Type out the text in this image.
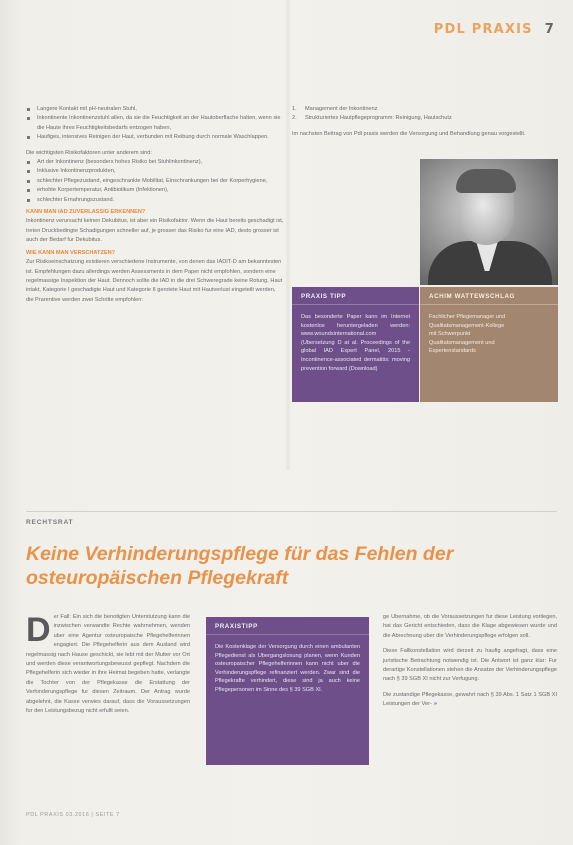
PDL PRAXIS 7
Langere Kontakt mit pH-neutralen Stuhl,
Inkontinente Inkontinenzstuhl allen, da sie die Feuchtigkeit an der Hautoberflache halten, wenn sie die Haute ihres Feuchtigkeitsbedarfs entzogen haben,
Haufiges, intensives Reinigen der Haut, verbunden mit Reibung durch normale Waschlappen.

Die wichtigsten Risikofaktoren unter anderem sind:

Art der Inkontinenz (besonders hohes Risiko bei Stuhlinkontinenz),
Inklusive Inkontinenzprodukten,
schlechter Pflegezustand, eingeschrankte Mobilitat, Einschrankungen bei der Korperhygiene,
erhohte Korpertemperatur, Antibiotikum (Infektionen),
schlechter Ernahrungszustand.
KANN MAN IAD ZUVERLASSIG ERKENNEN?

Inkontinenz verursacht keinen Dekubitus, ist aber ein Risikofaktor. Wenn die Haut bereits geschadigt ist, treten Druckbedingte Schadigungen schneller auf, je grosser das Risiko fur eine IAD, desto grosser ist auch der Bedarf fur Dekubitus.

WIE KANN MAN VERSCHATZEN?

Zur Risikoeinschatzung existieren verschiedene Instrumente, von denen das IADIT-D am bekanntesten ist. Empfehlungen dazu allerdings werden Assessments in dem Paper nicht empfohlen, sondern eine regelmassige Inspektion der Haut. Dennoch sollte die IAD in die drei Schweregrade keine Rotung, Haut intakt, Kategorie I geschadigte Haut und Kategorie II gerotete Haut mit Hautverlust eingeteilt werden, die Prarentive werden zwei Schritte empfohlen:

1. Management der Inkontinenz
2. Strukturiertes Hautpflegeprogramm: Reinigung, Hautschutz

Im nachsten Beitrag von Pdl praxis werden die Versorgung und Behandlung genau vorgestellt.

PRAXIS TIPP
Das besonderte Paper kann im Internet kostenlos heruntergeladen werden: www.woundsinternational.com (Ubersetzung D at al. Proceedings of the global IAD Expert Panel, 2015 - Incontinence-associated dermatitis: moving prevention forward (Download)
ACHIM WATTEWSCHLAG
Fachlicher Pflegemanager und
Qualitatsmanagement-Kollege
mit Schwerpunkt
Qualitatsmanagement und
Expertenstandards
RECHTSRAT
Keine Verhinderungspflege für das Fehlen der osteuropäischen Pflegekraft
D er Fall: Ein sich die benotigten Unterstutzung kann die inzwischen verwandte Rechte wahrnehmen, wenden uber eine Agentur osteuropaische Pflegehelferinnen engagiert. Die Pflegehelferin aus dem Ausland wird regelmassig nach Hause geschickt, sie lebt mit der Mutter vor Ort und werden diese verantwortungsbewusst gepflegt. Nachdem die Pflegehelferin sich wieder in ihre Heimat begeben hatte, verlangte die Tochter von der Pflegekasse die Erstattung der Verhinderungspflege fur diesen Zeitraum. Der Antrag wurde abgelehnt, die Kasse verwies darauf, dass die Voraussetzungen fur den Leistungsbezug nicht erfullt seien.
PRAXISTIPP
Die Kostenklage der Versorgung durch einen ambulanten Pflegedienst als Ubergangslosung planen, wenn Kunden osteuropaischer Pflegehelferinnen kann nicht uber die Verhinderungspflege refinanziert werden. Zwar sind die Pflegekrafte verhindert, diese sind ja auch keine Pflegepersonen im Sinne des § 39 SGB XI.

ge Ubernahme, ob die Voraussetzungen fur diese Leistung vorliegen, hat das Gericht entschieden, dass die Klage abgewiesen wurde und die Abrechnung uber die Verhinderungspflege erfolgen soll.

Diese Fallkonstellation wird derzeit zu haufig angefragt, dass eine juristische Betrachtung notwendig ist. Die Antwort ist ganz klar: Fur derartige Konstellationen stehen die Ansatze der Verhinderungspflege nach § 39 SGB XI nicht zur Verfugung.

Die zustandige Pflegekasse, gewahrt nach § 39 Abs. 1 Satz 1 SGB XI Leistungen der Ver- »

PDL PRAXIS 03.2016 | SEITE 7
